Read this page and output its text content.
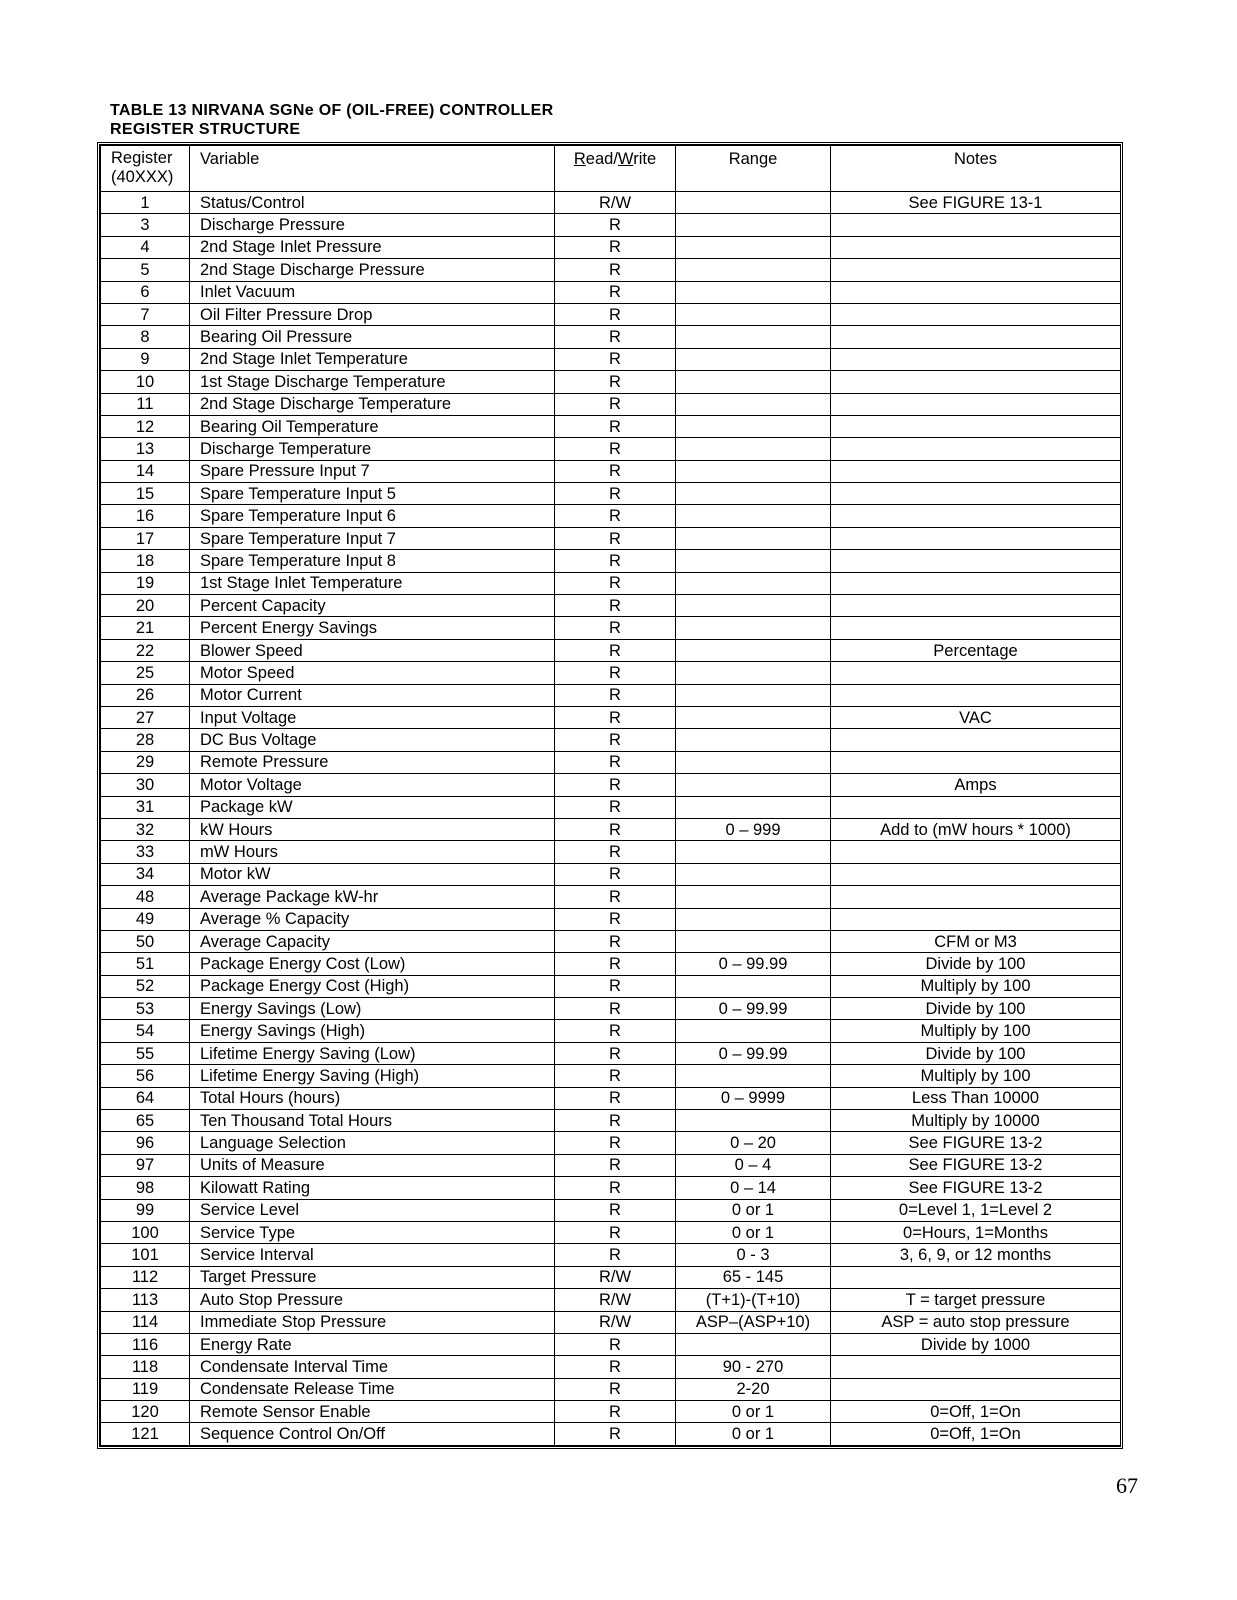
TABLE 13 NIRVANA SGNe OF (OIL-FREE) CONTROLLER
REGISTER STRUCTURE
Register
(40XXX)	Variable	Read/Write	Range	Notes
1	Status/Control	R/W		See FIGURE 13-1
3	Discharge Pressure	R		
4	2nd Stage Inlet Pressure	R		
5	2nd Stage Discharge Pressure	R		
6	Inlet Vacuum	R		
7	Oil Filter Pressure Drop	R		
8	Bearing Oil Pressure	R		
9	2nd Stage Inlet Temperature	R		
10	1st Stage Discharge Temperature	R		
11	2nd Stage Discharge Temperature	R		
12	Bearing Oil Temperature	R		
13	Discharge Temperature	R		
14	Spare Pressure Input 7	R		
15	Spare Temperature Input 5	R		
16	Spare Temperature Input 6	R		
17	Spare Temperature Input 7	R		
18	Spare Temperature Input 8	R		
19	1st Stage Inlet Temperature	R		
20	Percent Capacity	R		
21	Percent Energy Savings	R		
22	Blower Speed	R		Percentage
25	Motor Speed	R		
26	Motor Current	R		
27	Input Voltage	R		VAC
28	DC Bus Voltage	R		
29	Remote Pressure	R		
30	Motor Voltage	R		Amps
31	Package kW	R		
32	kW Hours	R	0 – 999	Add to (mW hours * 1000)
33	mW Hours	R		
34	Motor kW	R		
48	Average Package kW-hr	R		
49	Average % Capacity	R		
50	Average Capacity	R		CFM or M3
51	Package Energy Cost (Low)	R	0 – 99.99	Divide by 100
52	Package Energy Cost (High)	R		Multiply by 100
53	Energy Savings (Low)	R	0 – 99.99	Divide by 100
54	Energy Savings (High)	R		Multiply by 100
55	Lifetime Energy Saving (Low)	R	0 – 99.99	Divide by 100
56	Lifetime Energy Saving (High)	R		Multiply by 100
64	Total Hours (hours)	R	0 – 9999	Less Than 10000
65	Ten Thousand Total Hours	R		Multiply by 10000
96	Language Selection	R	0 – 20	See FIGURE 13-2
97	Units of Measure	R	0 – 4	See FIGURE 13-2
98	Kilowatt Rating	R	0 – 14	See FIGURE 13-2
99	Service Level	R	0 or 1	0=Level 1, 1=Level 2
100	Service Type	R	0 or 1	0=Hours, 1=Months
101	Service Interval	R	0 - 3	3, 6, 9, or 12 months
112	Target Pressure	R/W	65 - 145	
113	Auto Stop Pressure	R/W	(T+1)-(T+10)	T = target pressure
114	Immediate Stop Pressure	R/W	ASP–(ASP+10)	ASP = auto stop pressure
116	Energy Rate	R		Divide by 1000
118	Condensate Interval Time	R	90 - 270	
119	Condensate Release Time	R	2-20	
120	Remote Sensor Enable	R	0 or 1	0=Off, 1=On
121	Sequence Control On/Off	R	0 or 1	0=Off, 1=On
67
